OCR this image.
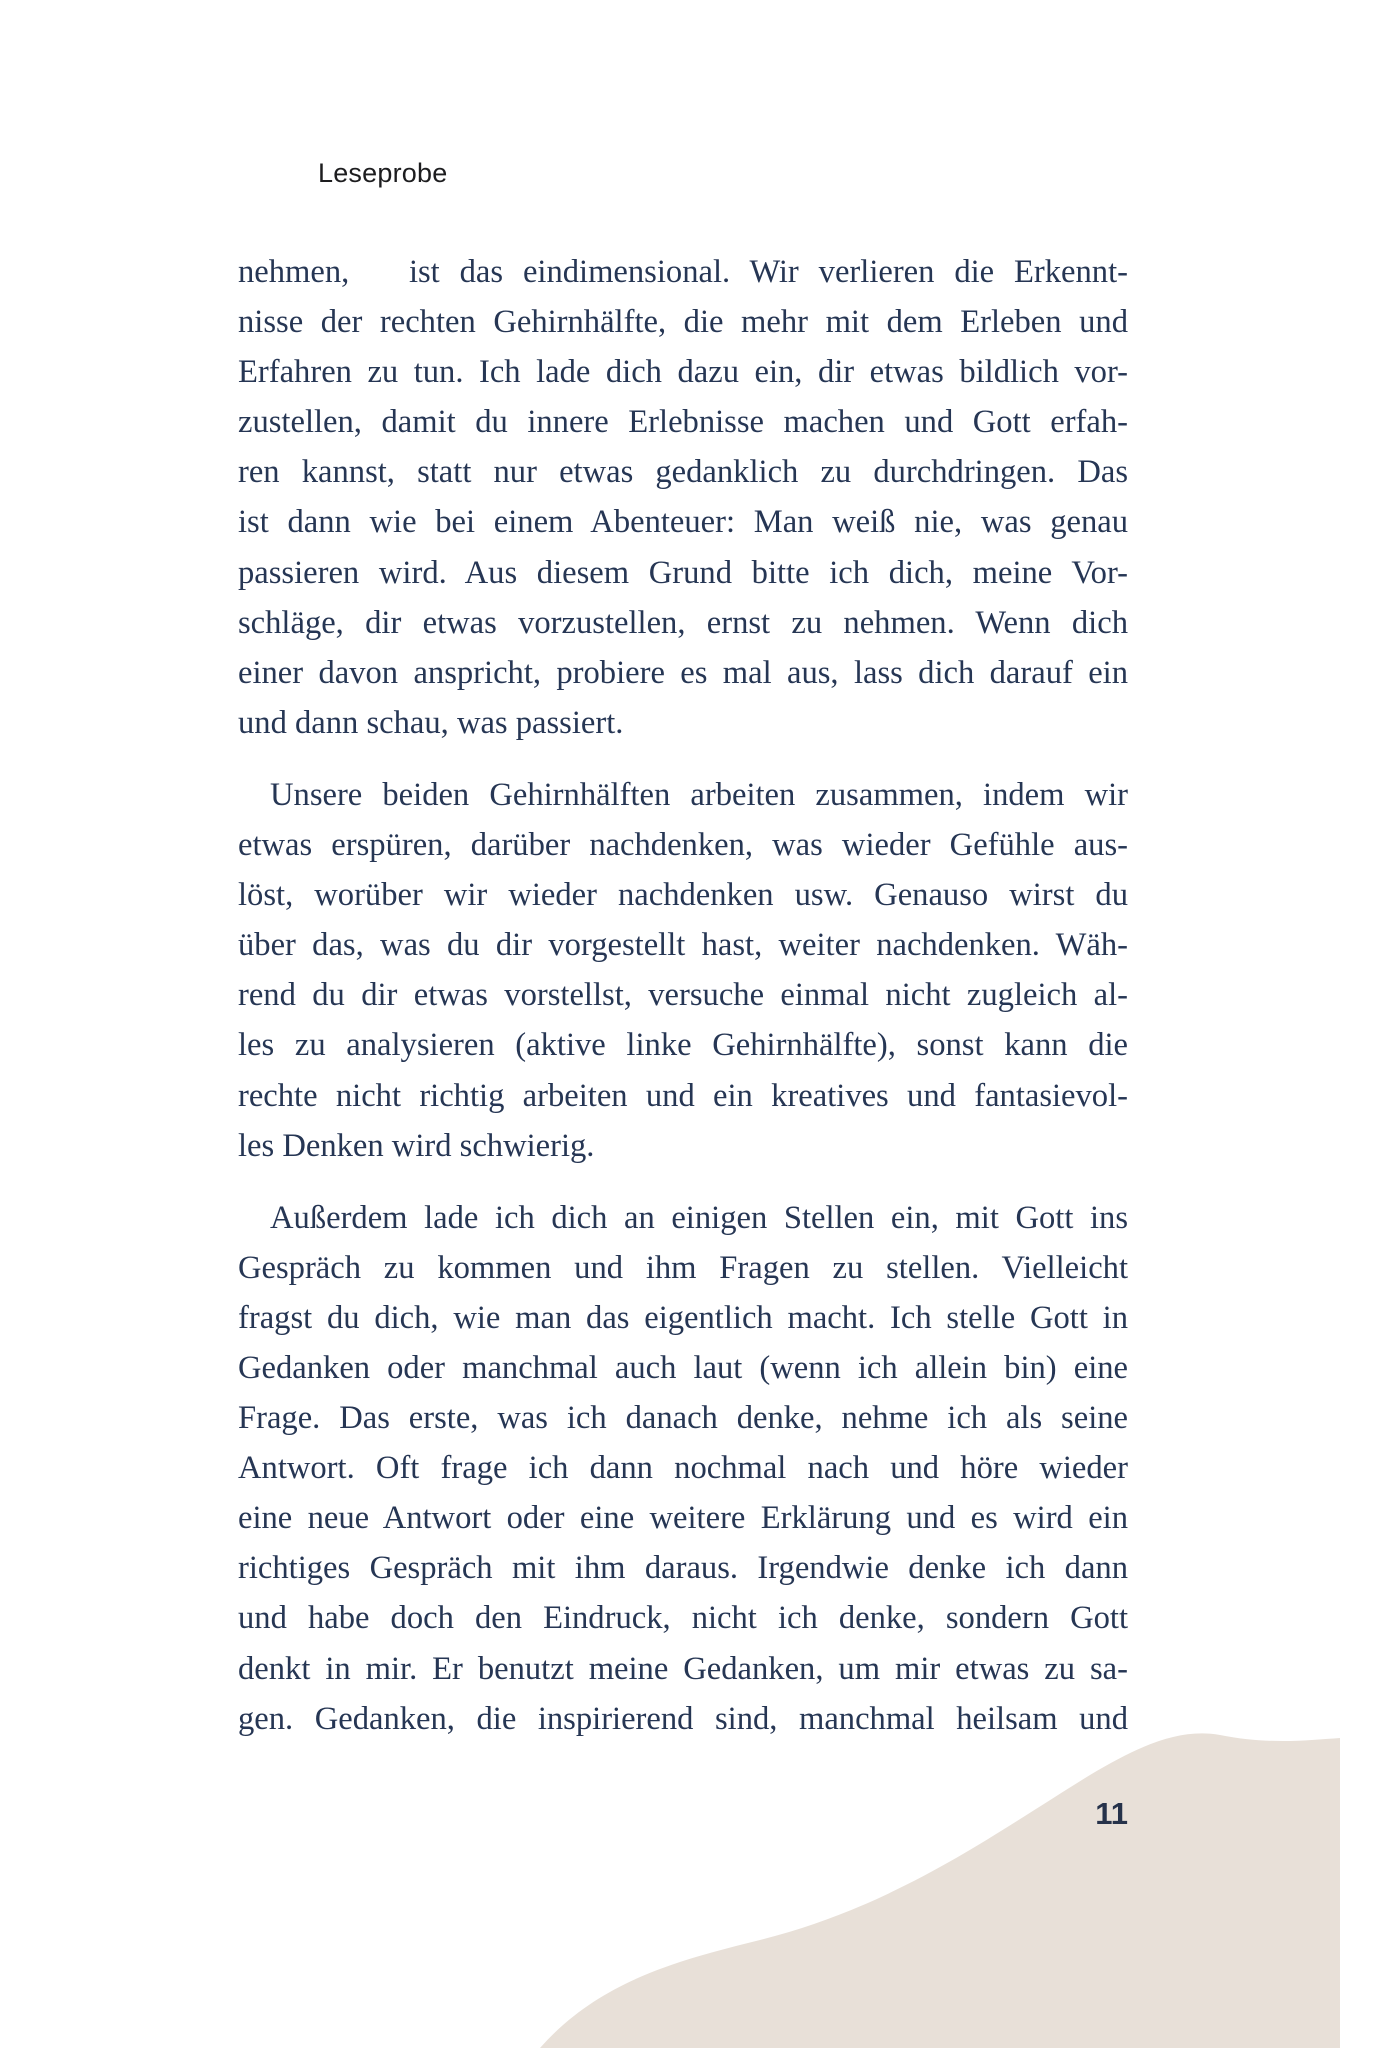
Leseprobe

nehmen,   ist das eindimensional. Wir verlieren die Erkennt-
nisse der rechten Gehirnhälfte, die mehr mit dem Erleben und
Erfahren zu tun. Ich lade dich dazu ein, dir etwas bildlich vor-
zustellen, damit du innere Erlebnisse machen und Gott erfah-
ren kannst, statt nur etwas gedanklich zu durchdringen. Das
ist dann wie bei einem Abenteuer: Man weiß nie, was genau
passieren wird. Aus diesem Grund bitte ich dich, meine Vor-
schläge, dir etwas vorzustellen, ernst zu nehmen. Wenn dich
einer davon anspricht, probiere es mal aus, lass dich darauf ein
und dann schau, was passiert.

Unsere beiden Gehirnhälften arbeiten zusammen, indem wir
etwas erspüren, darüber nachdenken, was wieder Gefühle aus-
löst, worüber wir wieder nachdenken usw. Genauso wirst du
über das, was du dir vorgestellt hast, weiter nachdenken. Wäh-
rend du dir etwas vorstellst, versuche einmal nicht zugleich al-
les zu analysieren (aktive linke Gehirnhälfte), sonst kann die
rechte nicht richtig arbeiten und ein kreatives und fantasievol-
les Denken wird schwierig.

Außerdem lade ich dich an einigen Stellen ein, mit Gott ins
Gespräch zu kommen und ihm Fragen zu stellen. Vielleicht
fragst du dich, wie man das eigentlich macht. Ich stelle Gott in
Gedanken oder manchmal auch laut (wenn ich allein bin) eine
Frage. Das erste, was ich danach denke, nehme ich als seine
Antwort. Oft frage ich dann nochmal nach und höre wieder
eine neue Antwort oder eine weitere Erklärung und es wird ein
richtiges Gespräch mit ihm daraus. Irgendwie denke ich dann
und habe doch den Eindruck, nicht ich denke, sondern Gott
denkt in mir. Er benutzt meine Gedanken, um mir etwas zu sa-
gen. Gedanken, die inspirierend sind, manchmal heilsam und

11
